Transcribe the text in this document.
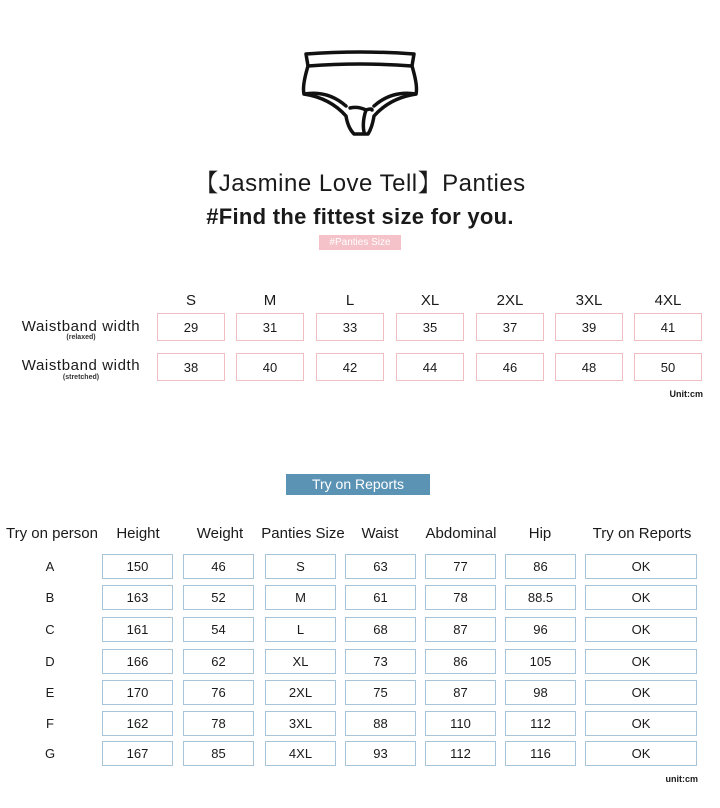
【Jasmine Love Tell】Panties
#Find the fittest size for you.
#Panties Size
S	M	L	XL	2XL	3XL	4XL
Waistband width
(relaxed)
29	31	33	35	37	39	41
Waistband width
(stretched)
38	40	42	44	46	48	50
Unit:cm
Try on Reports
Try on person	Height	Weight	Panties Size	Waist	Abdominal	Hip	Try on Reports
A	150	46	S	63	77	86	OK
B	163	52	M	61	78	88.5	OK
C	161	54	L	68	87	96	OK
D	166	62	XL	73	86	105	OK
E	170	76	2XL	75	87	98	OK
F	162	78	3XL	88	110	112	OK
G	167	85	4XL	93	112	116	OK
unit:cm
